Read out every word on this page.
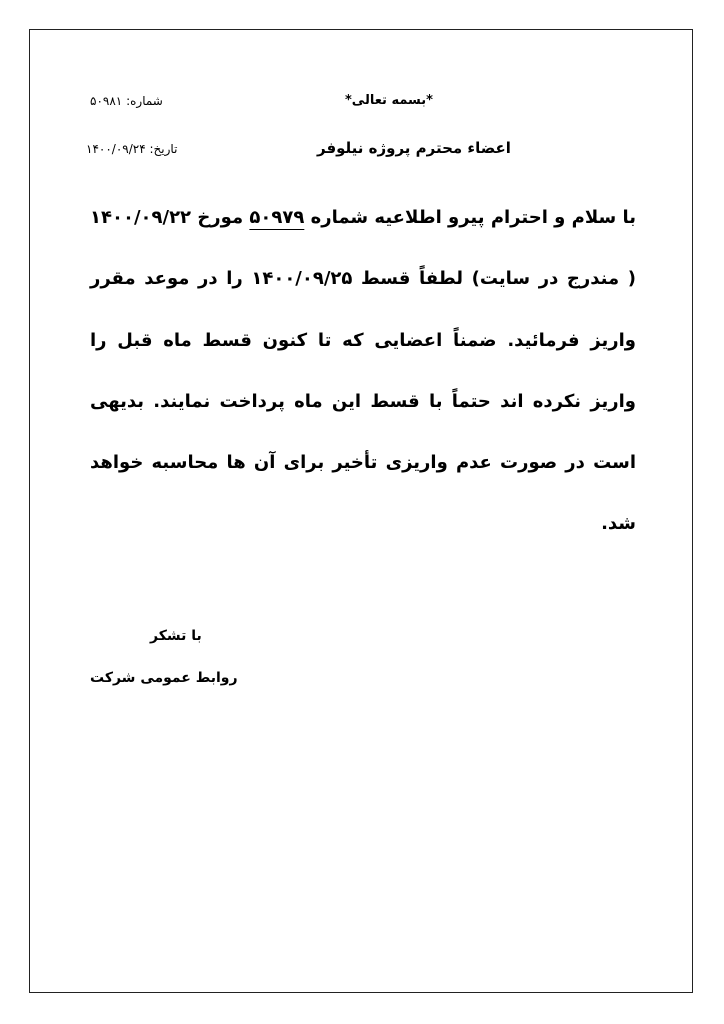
شماره: ۵۰۹۸۱	*بسمه تعالی*
تاریخ: ۱۴۰۰/۰۹/۲۴	اعضاء محترم پروژه نیلوفر
با سلام و احترام پیرو اطلاعیه شماره ۵۰۹۷۹ مورخ ۱۴۰۰/۰۹/۲۲ ( مندرج در سایت) لطفاً قسط ۱۴۰۰/۰۹/۲۵ را در موعد مقرر واریز فرمائید. ضمناً اعضایی که تا کنون قسط ماه قبل را واریز نکرده اند حتماً با قسط این ماه پرداخت نمایند. بدیهی است در صورت عدم واریزی تأخیر برای آن ها محاسبه خواهد شد.
با تشکر
روابط عمومی شرکت
